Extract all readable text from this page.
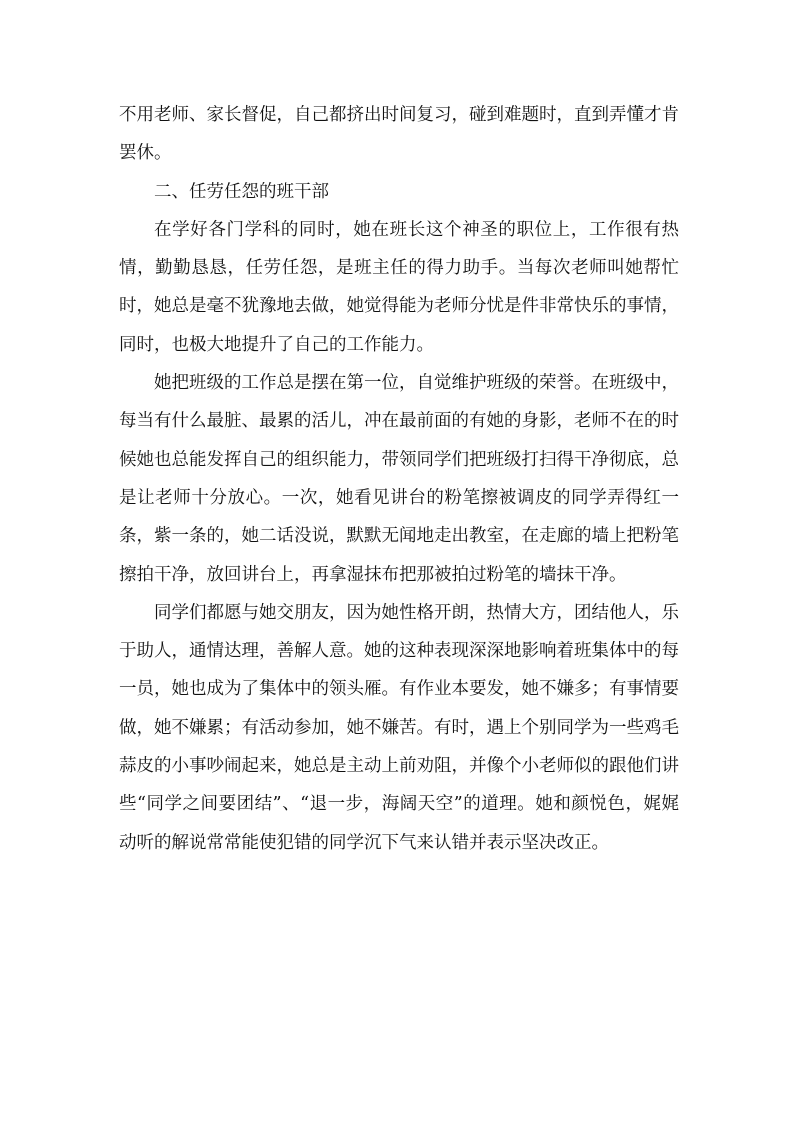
不用老师、家长督促，自己都挤出时间复习，碰到难题时，直到弄懂才肯罢休。

二、任劳任怨的班干部

在学好各门学科的同时，她在班长这个神圣的职位上，工作很有热情，勤勤恳恳，任劳任怨，是班主任的得力助手。当每次老师叫她帮忙时，她总是毫不犹豫地去做，她觉得能为老师分忧是件非常快乐的事情，同时，也极大地提升了自己的工作能力。

她把班级的工作总是摆在第一位，自觉维护班级的荣誉。在班级中，每当有什么最脏、最累的活儿，冲在最前面的有她的身影，老师不在的时候她也总能发挥自己的组织能力，带领同学们把班级打扫得干净彻底，总是让老师十分放心。一次，她看见讲台的粉笔擦被调皮的同学弄得红一条，紫一条的，她二话没说，默默无闻地走出教室，在走廊的墙上把粉笔擦拍干净，放回讲台上，再拿湿抹布把那被拍过粉笔的墙抹干净。

同学们都愿与她交朋友，因为她性格开朗，热情大方，团结他人，乐于助人，通情达理，善解人意。她的这种表现深深地影响着班集体中的每一员，她也成为了集体中的领头雁。有作业本要发，她不嫌多；有事情要做，她不嫌累；有活动参加，她不嫌苦。有时，遇上个别同学为一些鸡毛蒜皮的小事吵闹起来，她总是主动上前劝阻，并像个小老师似的跟他们讲些“同学之间要团结”、“退一步，海阔天空”的道理。她和颜悦色，娓娓动听的解说常常能使犯错的同学沉下气来认错并表示坚决改正。
